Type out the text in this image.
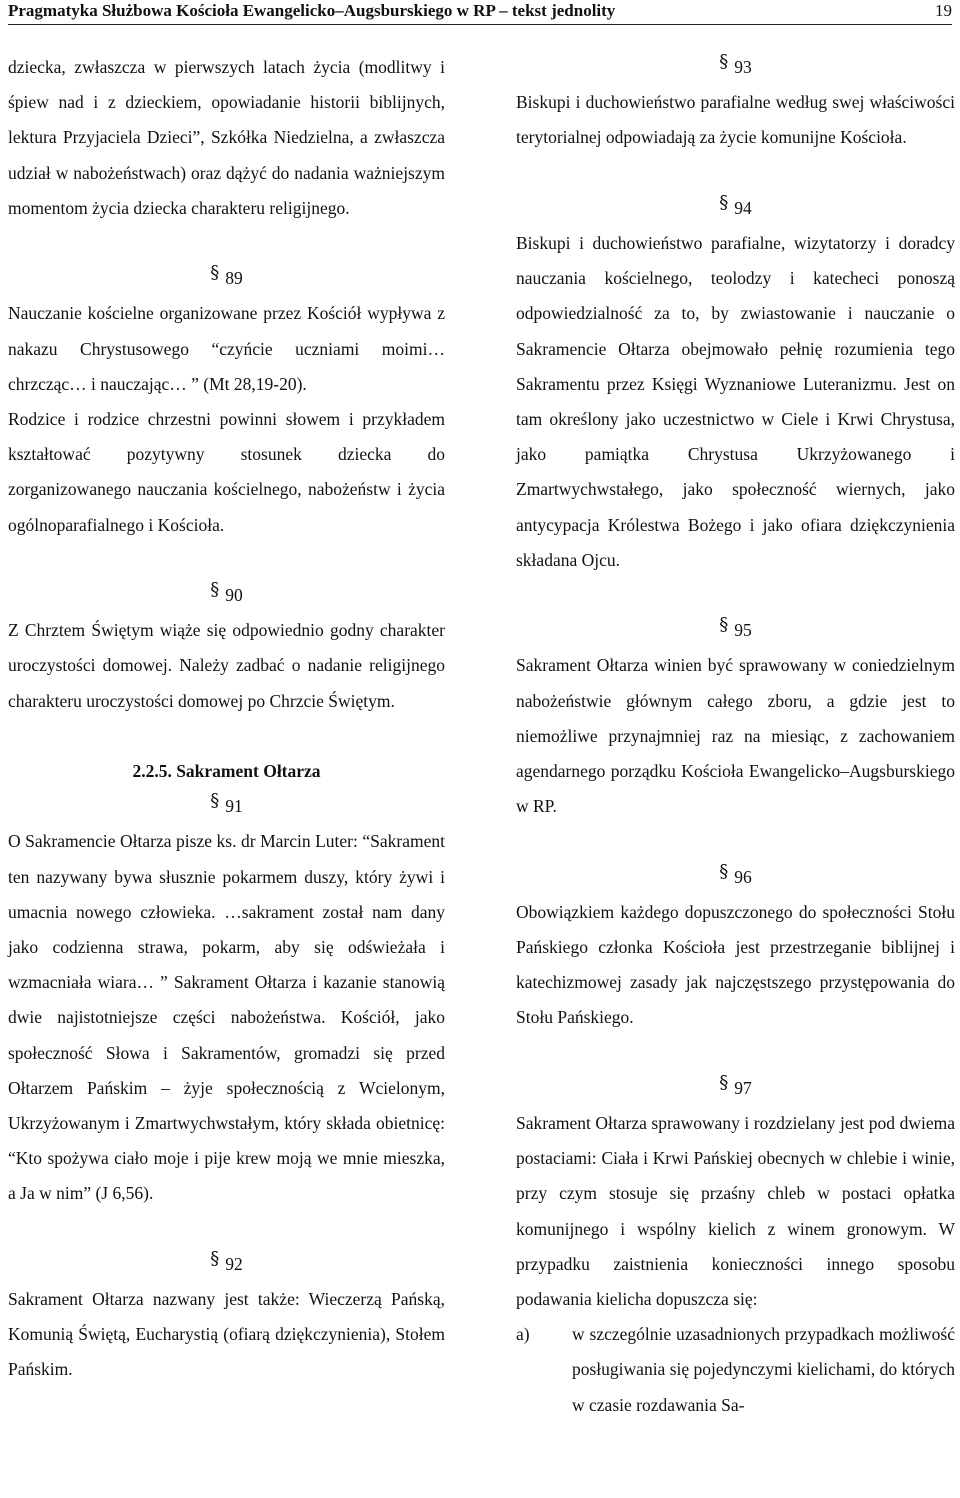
Pragmatyka Służbowa Kościoła Ewangelicko–Augsburskiego w RP – tekst jednolity	19

dziecka, zwłaszcza w pierwszych latach życia (modlitwy i śpiew nad i z dzieckiem, opowiadanie historii biblijnych, lektura Przyjaciela Dzieci”, Szkółka Niedzielna, a zwłaszcza udział w nabożeństwach) oraz dążyć do nadania ważniejszym momentom życia dziecka charakteru religijnego.

§ 89

Nauczanie kościelne organizowane przez Kościół wypływa z nakazu Chrystusowego “czyńcie uczniami moimi… chrzcząc… i nauczając… ” (Mt 28,19-20).

Rodzice i rodzice chrzestni powinni słowem i przykładem kształtować pozytywny stosunek dziecka do zorganizowanego nauczania kościelnego, nabożeństw i życia ogólnoparafialnego i Kościoła.

§ 90

Z Chrztem Świętym wiąże się odpowiednio godny charakter uroczystości domowej. Należy zadbać o nadanie religijnego charakteru uroczystości domowej po Chrzcie Świętym.

2.2.5. Sakrament Ołtarza

§ 91

O Sakramencie Ołtarza pisze ks. dr Marcin Luter: “Sakrament ten nazywany bywa słusznie pokarmem duszy, który żywi i umacnia nowego człowieka. …sakrament został nam dany jako codzienna strawa, pokarm, aby się odświeżała i wzmacniała wiara… ” Sakrament Ołtarza i kazanie stanowią dwie najistotniejsze części nabożeństwa. Kościół, jako społeczność Słowa i Sakramentów, gromadzi się przed Ołtarzem Pańskim – żyje społecznością z Wcielonym, Ukrzyżowanym i Zmartwychwstałym, który składa obietnicę: “Kto spożywa ciało moje i pije krew moją we mnie mieszka, a Ja w nim” (J 6,56).

§ 92

Sakrament Ołtarza nazwany jest także: Wieczerzą Pańską, Komunią Świętą, Eucharystią (ofiarą dziękczynienia), Stołem Pańskim.

§ 93

Biskupi i duchowieństwo parafialne według swej właściwości terytorialnej odpowiadają za życie komunijne Kościoła.

§ 94

Biskupi i duchowieństwo parafialne, wizytatorzy i doradcy nauczania kościelnego, teolodzy i katecheci ponoszą odpowiedzialność za to, by zwiastowanie i nauczanie o Sakramencie Ołtarza obejmowało pełnię rozumienia tego Sakramentu przez Księgi Wyznaniowe Luteranizmu. Jest on tam określony jako uczestnictwo w Ciele i Krwi Chrystusa, jako pamiątka Chrystusa Ukrzyżowanego i Zmartwychwstałego, jako społeczność wiernych, jako antycypacja Królestwa Bożego i jako ofiara dziękczynienia składana Ojcu.

§ 95

Sakrament Ołtarza winien być sprawowany w coniedzielnym nabożeństwie głównym całego zboru, a gdzie jest to niemożliwe przynajmniej raz na miesiąc, z zachowaniem agendarnego porządku Kościoła Ewangelicko–Augsburskiego w RP.

§ 96

Obowiązkiem każdego dopuszczonego do społeczności Stołu Pańskiego członka Kościoła jest przestrzeganie biblijnej i katechizmowej zasady jak najczęstszego przystępowania do Stołu Pańskiego.

§ 97

Sakrament Ołtarza sprawowany i rozdzielany jest pod dwiema postaciami: Ciała i Krwi Pańskiej obecnych w chlebie i winie, przy czym stosuje się przaśny chleb w postaci opłatka komunijnego i wspólny kielich z winem gronowym. W przypadku zaistnienia konieczności innego sposobu podawania kielicha dopuszcza się:

a)	w szczególnie uzasadnionych przypadkach możliwość posługiwania się pojedynczymi kielichami, do których w czasie rozdawania Sa-
